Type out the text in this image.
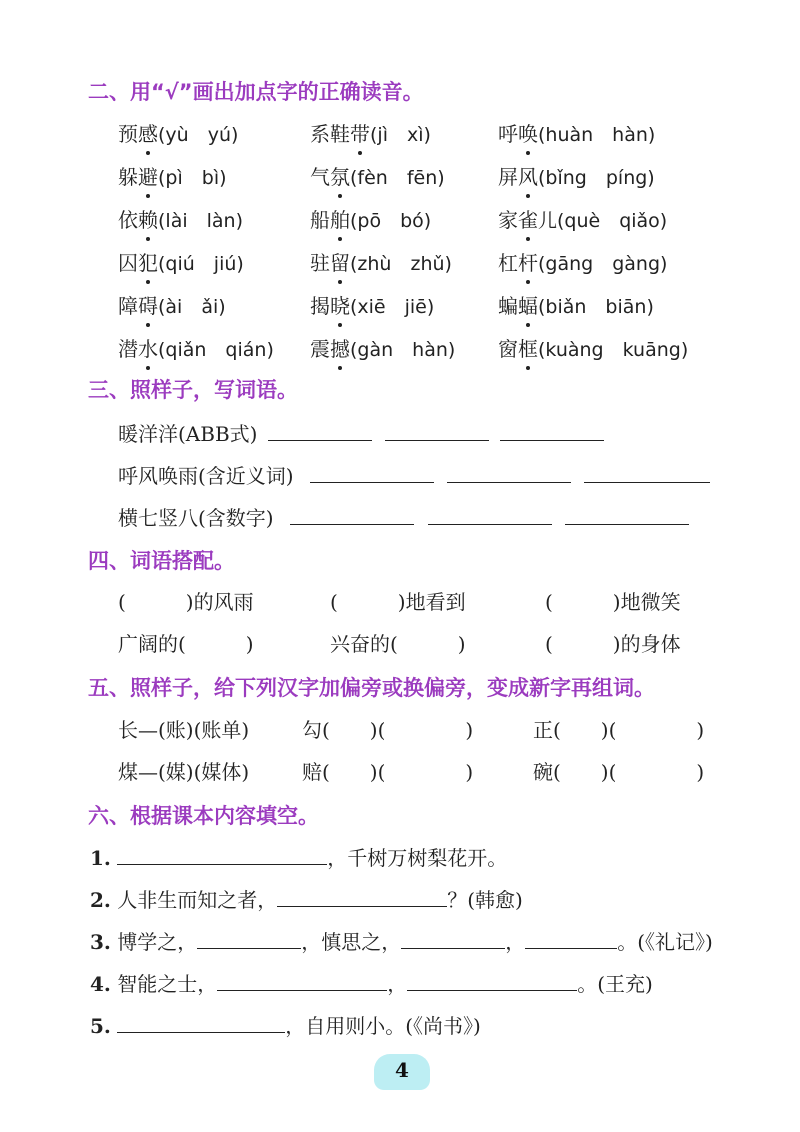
二、用“√”画出加点字的正确读音。
预感(yù　yú)	系鞋带(jì　xì)	呼唤(huàn　hàn)
躲避(pì　bì)	气氛(fèn　fēn)	屏风(bǐng　píng)
依赖(lài　làn)	船舶(pō　bó)	家雀儿(què　qiǎo)
囚犯(qiú　jiú)	驻留(zhù　zhǔ) 杠杆(gāng　gàng)
障碍(ài　ǎi)	揭晓(xiē　jiē)	蝙蝠(biǎn　biān)
潜水(qiǎn　qián) 震撼(gàn　hàn) 窗框(kuàng　kuāng)
三、照样子，写词语。
暖洋洋(ABB式)
呼风唤雨(含近义词)
横七竖八(含数字)
四、词语搭配。
(　　　)的风雨	(　　　)地看到	(　　　)地微笑
广阔的(　　　)	兴奋的(　　　)	(　　　)的身体
五、照样子，给下列汉字加偏旁或换偏旁，变成新字再组词。
长—(账)(账单)	勾(　　)(　　　　)	正(　　)(　　　　)
煤—(媒)(媒体)	赔(　　)(　　　　)	碗(　　)(　　　　)
六、根据课本内容填空。
1.	，千树万树梨花开。
2. 人非生而知之者，	？(韩愈)
3. 博学之，	，慎思之，	，	。(《礼记》)
4. 智能之士，	，	。(王充)
5.	，自用则小。(《尚书》)
4
